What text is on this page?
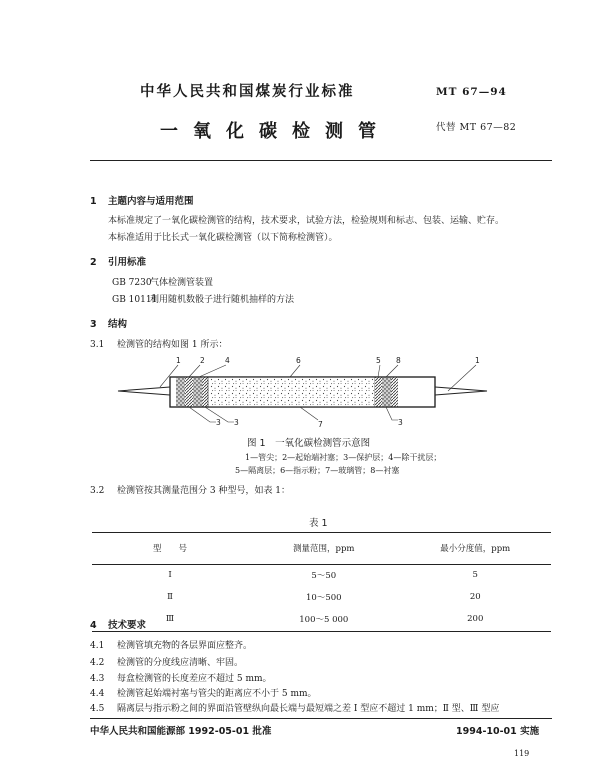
中华人民共和国煤炭行业标准	MT 67—94
一氧化碳检测管	代替 MT 67—82
1 主题内容与适用范围
本标准规定了一氧化碳检测管的结构，技术要求，试验方法，检验规则和标志、包装、运输、贮存。
本标准适用于比长式一氧化碳检测管（以下简称检测管）。
2 引用标准
GB 7230气体检测管装置
GB 10111利用随机数骰子进行随机抽样的方法
3 结构
3.1 检测管的结构如图 1 所示：
1	2	4	6	5 8	1
3 3	7	3
图 1　一氧化碳检测管示意图
1—管尖；2—起始端衬塞；3—保护层；4—除干扰层；
5—隔离层；6—指示粉；7—玻璃管；8—衬塞
3.2 检测管按其测量范围分 3 种型号，如表 1：
表 1
型　　号	测量范围，ppm	最小分度值，ppm
Ⅰ	5～50	5
Ⅱ	10～500	20
Ⅲ	100～5 000	200
4 技术要求
4.1 检测管填充物的各层界面应整齐。
4.2 检测管的分度线应清晰、牢固。
4.3 每盒检测管的长度差应不超过 5 mm。
4.4 检测管起始端衬塞与管尖的距离应不小于 5 mm。
4.5 隔离层与指示粉之间的界面沿管壁纵向最长端与最短端之差 Ⅰ 型应不超过 1 mm；Ⅱ 型、Ⅲ 型应
中华人民共和国能源部 1992-05-01 批准	1994-10-01 实施
119
